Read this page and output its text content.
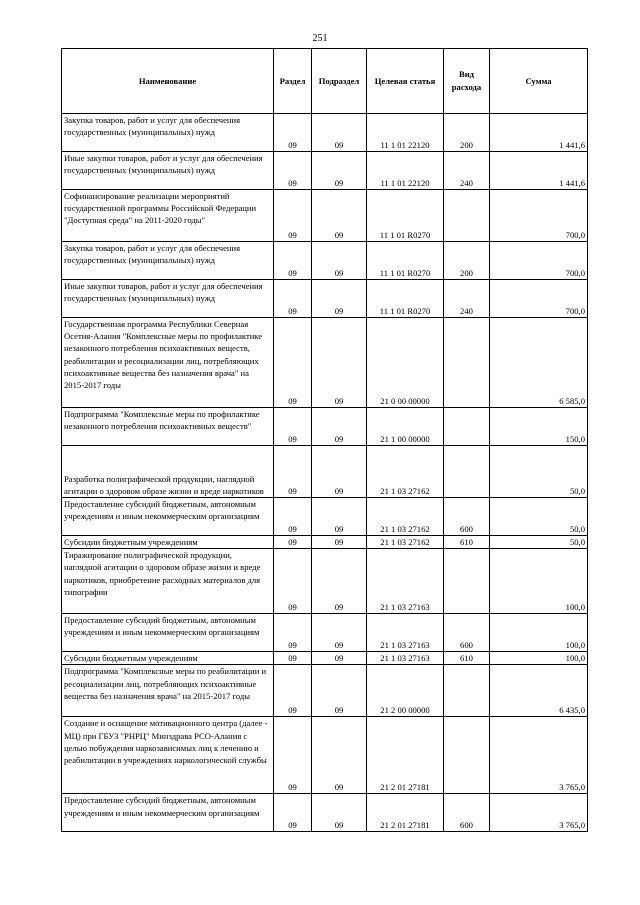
251
Наименование	Раздел	Подраздел	Целевая статья	Вид расхода	Сумма
Закупка товаров, работ и услуг для обеспечения государственных (муниципальных) нужд	09	09	11 1 01 22120	200	1 441,6
Иные закупки товаров, работ и услуг для обеспечения государственных (муниципальных) нужд	09	09	11 1 01 22120	240	1 441,6
Софинансирование реализации мероприятий государственной программы Российской Федерации "Доступная среда" на 2011-2020 годы"	09	09	11 1 01 R0270		700,0
Закупка товаров, работ и услуг для обеспечения государственных (муниципальных) нужд	09	09	11 1 01 R0270	200	700,0
Иные закупки товаров, работ и услуг для обеспечения государственных (муниципальных) нужд	09	09	11 1 01 R0270	240	700,0
Государственная программа Республики Северная Осетия-Алания "Комплексные меры по профилактике незаконного потребления психоактивных веществ, реабилитации и ресоциализации лиц, потребляющих психоактивные вещества без назначения врача" на 2015-2017 годы	09	09	21 0 00 00000		6 585,0
Подпрограмма "Комплексные меры по профилактике незаконного потребления психоактивных веществ"	09	09	21 1 00 00000		150,0
Разработка полиграфической продукции, наглядной агитации о здоровом образе жизни и вреде наркотиков	09	09	21 1 03 27162		50,0
Предоставление субсидий бюджетным, автономным учреждениям и иным некоммерческим организациям	09	09	21 1 03 27162	600	50,0
Субсидии бюджетным учреждениям	09	09	21 1 03 27162	610	50,0
Тиражирование полиграфической продукции, наглядной агитации о здоровом образе жизни и вреде наркотиков, приобретение расходных материалов для типографии	09	09	21 1 03 27163		100,0
Предоставление субсидий бюджетным, автономным учреждениям и иным некоммерческим организациям	09	09	21 1 03 27163	600	100,0
Субсидии бюджетным учреждениям	09	09	21 1 03 27163	610	100,0
Подпрограмма "Комплексные меры по реабилитации и ресоциализации лиц, потребляющих психоактивные вещества без назначения врача" на 2015-2017 годы	09	09	21 2 00 00000		6 435,0
Создание и оснащение мотивационного центра (далее - МЦ) при ГБУЗ "РНРЦ" Минздрава РСО-Алания с целью побуждения наркозависимых лиц к лечению и реабилитации в учреждениях наркологической службы	09	09	21 2 01 27181		3 765,0
Предоставление субсидий бюджетным, автономным учреждениям и иным некоммерческим организациям	09	09	21 2 01 27181	600	3 765,0
